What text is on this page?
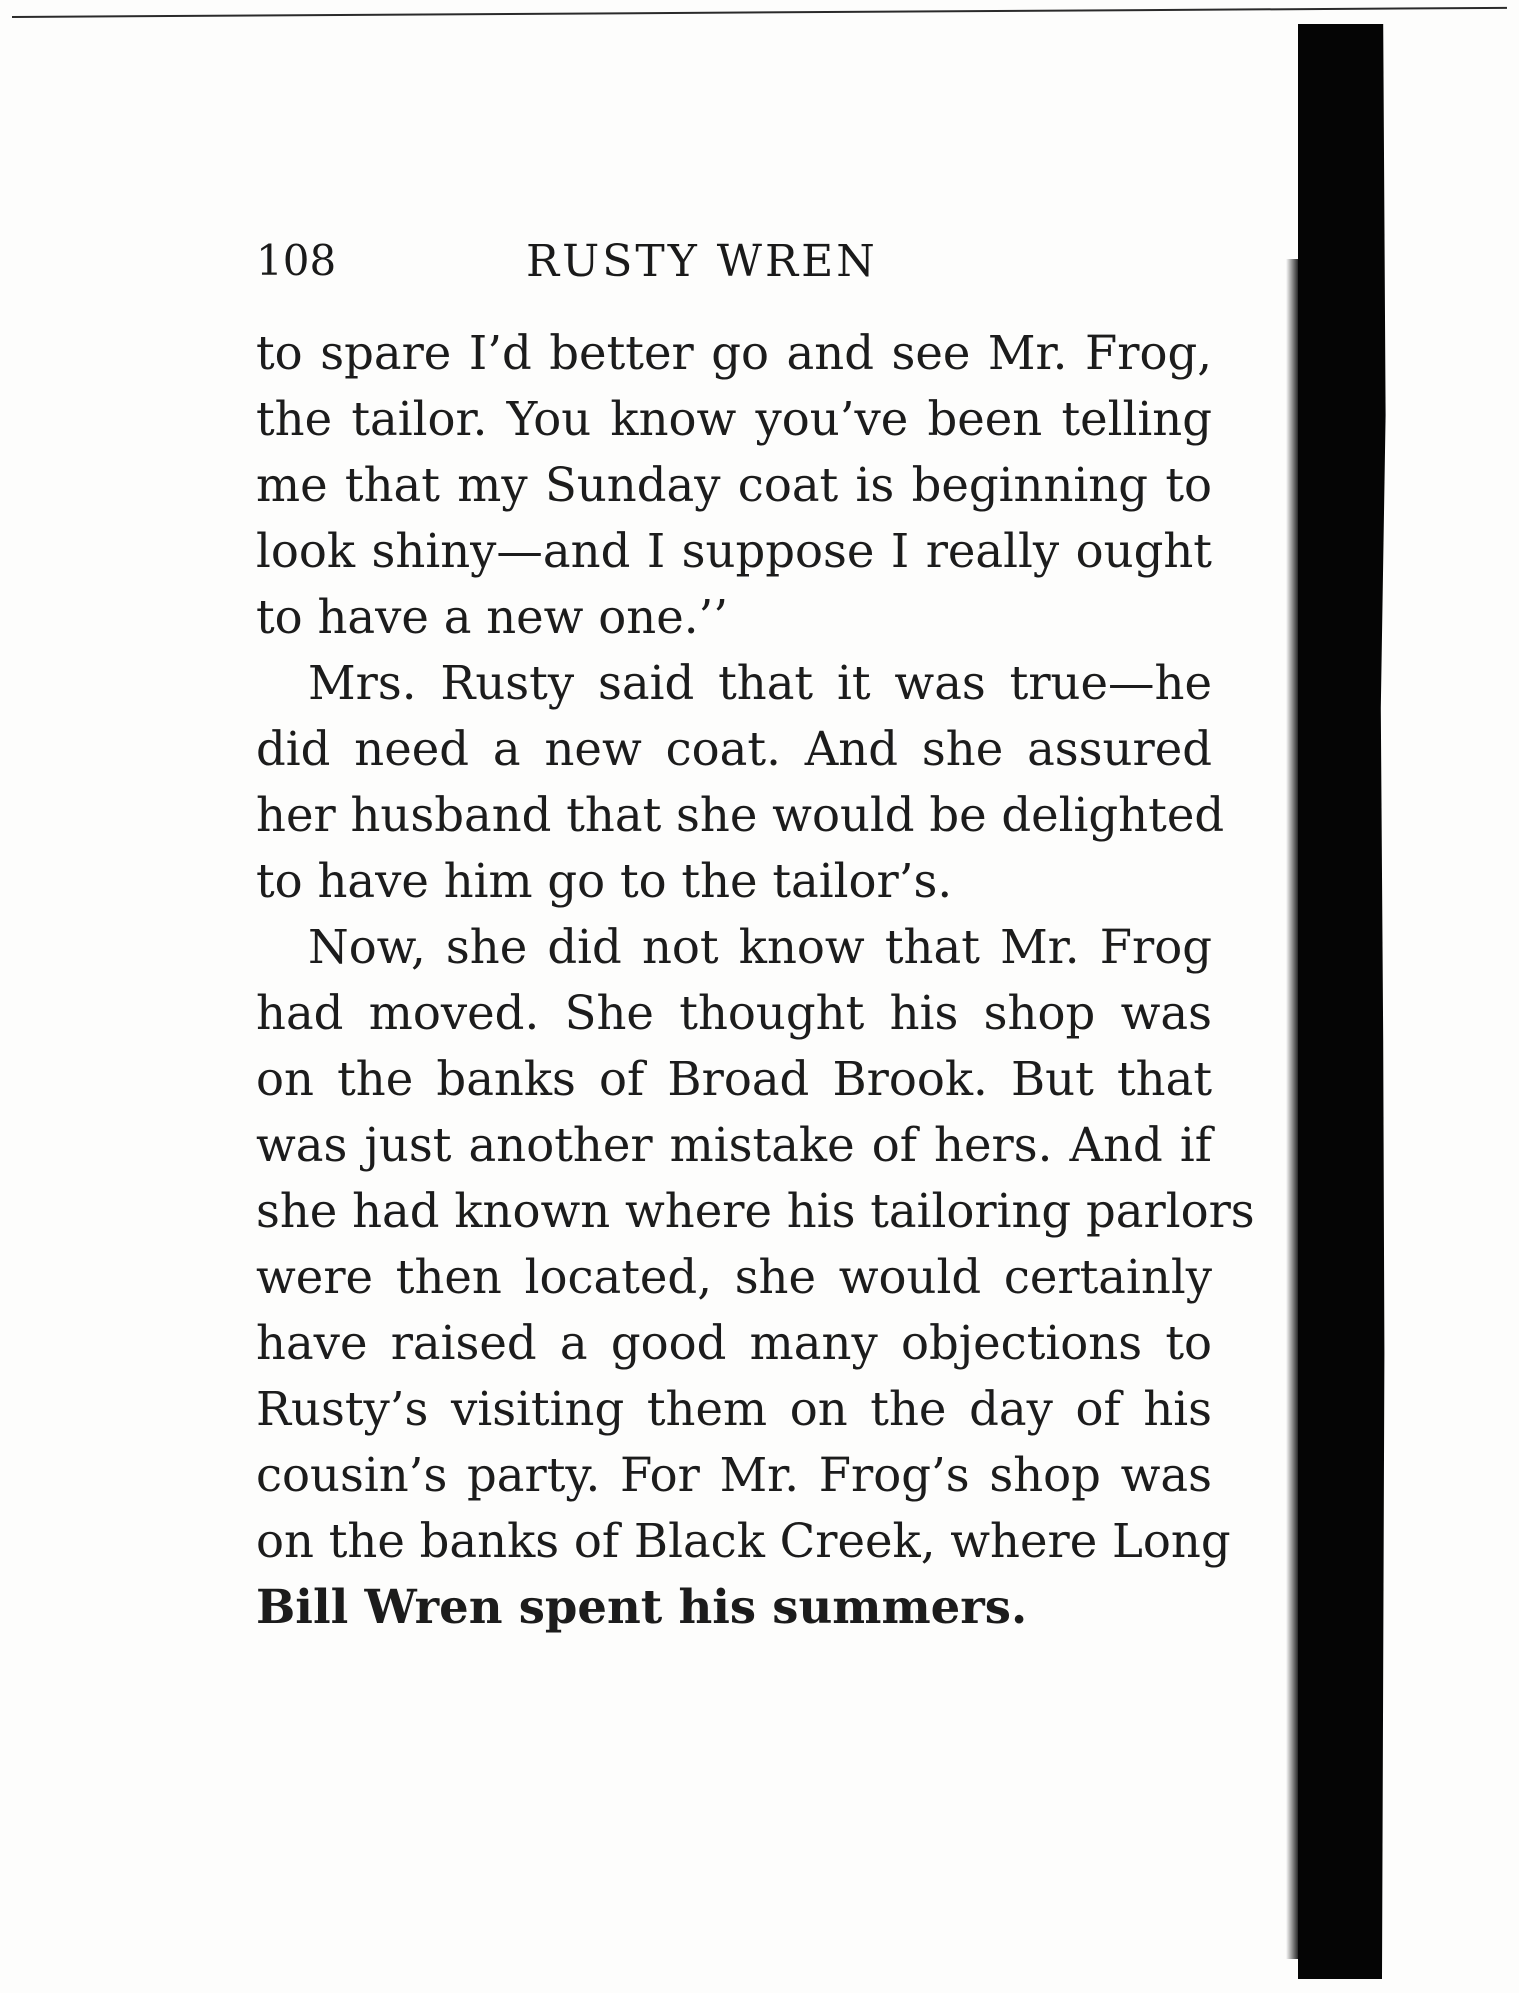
108	RUSTY WREN
to spare I’d better go and see Mr. Frog,
the tailor. You know you’ve been telling
me that my Sunday coat is beginning to
look shiny—and I suppose I really ought
to have a new one.’’
Mrs. Rusty said that it was true—he
did need a new coat. And she assured
her husband that she would be delighted
to have him go to the tailor’s.
Now, she did not know that Mr. Frog
had moved. She thought his shop was
on the banks of Broad Brook. But that
was just another mistake of hers. And if
she had known where his tailoring parlors
were then located, she would certainly
have raised a good many objections to
Rusty’s visiting them on the day of his
cousin’s party. For Mr. Frog’s shop was
on the banks of Black Creek, where Long
Bill Wren spent his summers.
